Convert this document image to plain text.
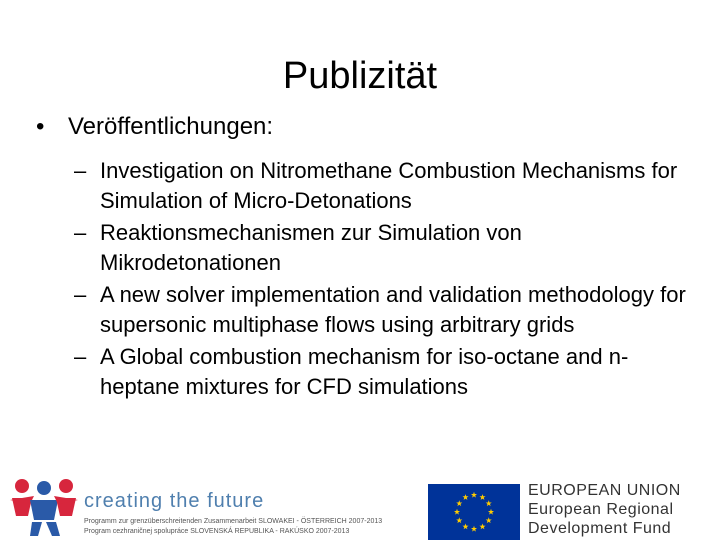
Publizität
• Veröffentlichungen:
– Investigation on Nitromethane Combustion Mechanisms for Simulation of Micro-Detonations
– Reaktionsmechanismen zur Simulation von Mikrodetonationen
– A new solver implementation and validation methodology for supersonic multiphase flows using arbitrary grids
– A Global combustion mechanism for iso-octane and n-heptane mixtures for CFD simulations
creating the future
Programm zur grenzüberschreitenden Zusammenarbeit SLOWAKEI - ÖSTERREICH 2007-2013
Program cezhraničnej spolupráce SLOVENSKÁ REPUBLIKA - RAKÚSKO 2007-2013
EUROPEAN UNION
European Regional
Development Fund
